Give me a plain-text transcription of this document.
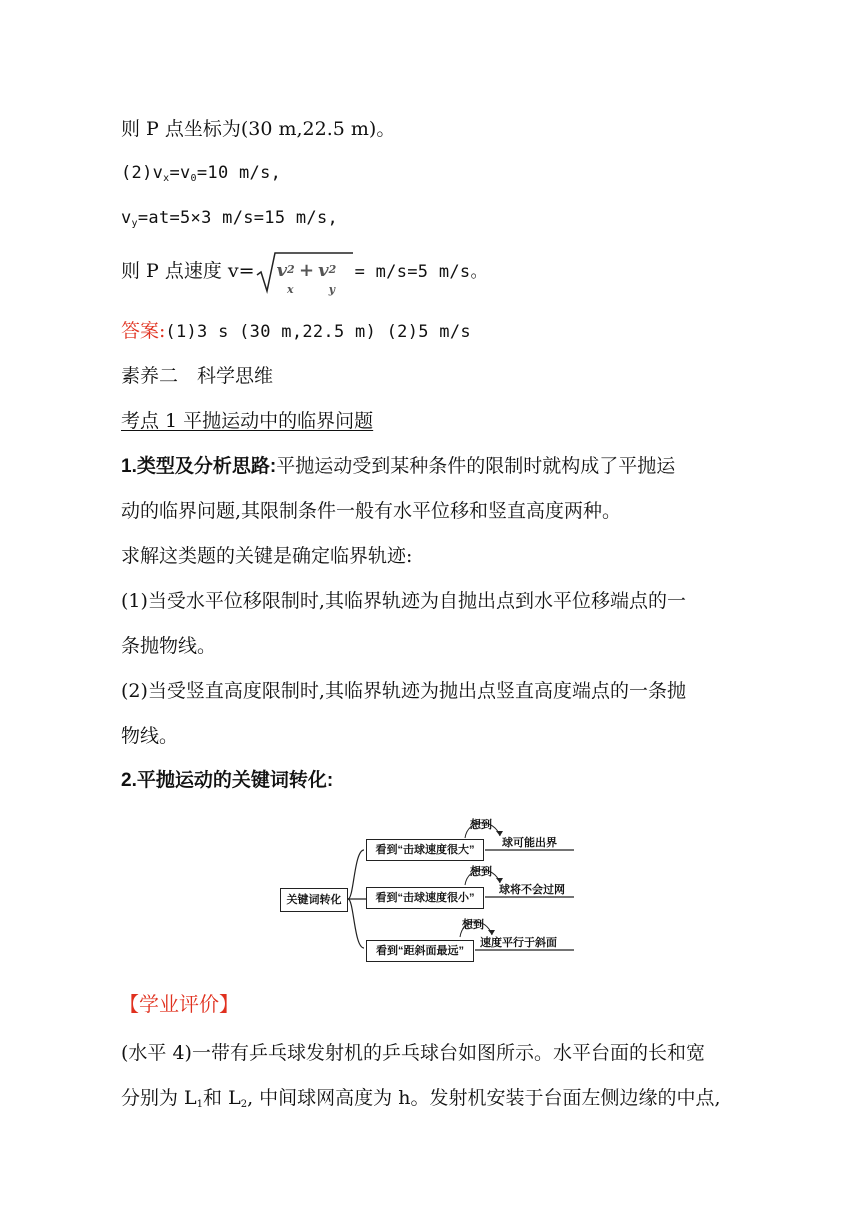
则 P 点坐标为(30 m,22.5 m)。
$(2)v_x=v_0=10$ m/s,
$v_y=at=5\times 3$ m/s=15 m/s,
则 P 点速度 v= v
x
2 + v
y
2 = m/s=5 m/s。
答案:(1)3 s (30 m,22.5 m) (2)5 m/s
素养二　科学思维
考点 1 平抛运动中的临界问题
1.类型及分析思路:平抛运动受到某种条件的限制时就构成了平抛运
动的临界问题,其限制条件一般有水平位移和竖直高度两种。
求解这类题的关键是确定临界轨迹:
(1)当受水平位移限制时,其临界轨迹为自抛出点到水平位移端点的一
条抛物线。
(2)当受竖直高度限制时,其临界轨迹为抛出点竖直高度端点的一条抛
物线。
2.平抛运动的关键词转化:
关键词转化
看到“击球速度很大”
想到
球可能出界
看到“击球速度很小”
想到
球将不会过网
看到“距斜面最远”
想到
速度平行于斜面
【学业评价】
(水平 4)一带有乒乓球发射机的乒乓球台如图所示。水平台面的长和宽
分别为 $L_1$和 $L_2$, 中间球网高度为 h。发射机安装于台面左侧边缘的中点,
